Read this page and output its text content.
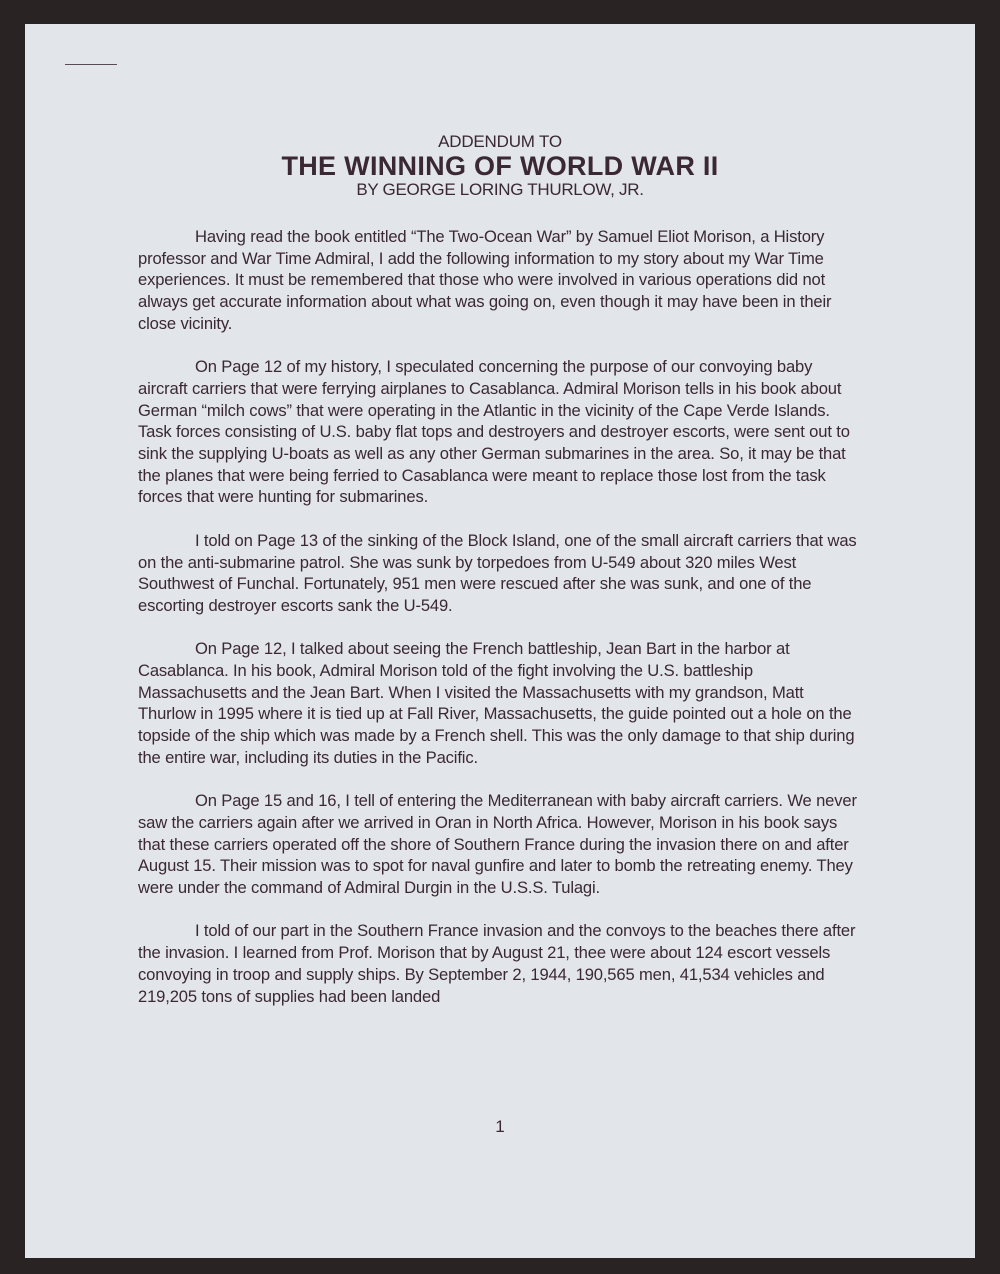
ADDENDUM TO
THE WINNING OF WORLD WAR II
BY GEORGE LORING THURLOW, JR.

Having read the book entitled “The Two-Ocean War” by Samuel Eliot Morison, a History professor and War Time Admiral, I add the following information to my story about my War Time experiences. It must be remembered that those who were involved in various operations did not always get accurate information about what was going on, even though it may have been in their close vicinity.

On Page 12 of my history, I speculated concerning the purpose of our convoying baby aircraft carriers that were ferrying airplanes to Casablanca. Admiral Morison tells in his book about German “milch cows” that were operating in the Atlantic in the vicinity of the Cape Verde Islands. Task forces consisting of U.S. baby flat tops and destroyers and destroyer escorts, were sent out to sink the supplying U-boats as well as any other German submarines in the area. So, it may be that the planes that were being ferried to Casablanca were meant to replace those lost from the task forces that were hunting for submarines.

I told on Page 13 of the sinking of the Block Island, one of the small aircraft carriers that was on the anti-submarine patrol. She was sunk by torpedoes from U-549 about 320 miles West Southwest of Funchal. Fortunately, 951 men were rescued after she was sunk, and one of the escorting destroyer escorts sank the U-549.

On Page 12, I talked about seeing the French battleship, Jean Bart in the harbor at Casablanca. In his book, Admiral Morison told of the fight involving the U.S. battleship Massachusetts and the Jean Bart. When I visited the Massachusetts with my grandson, Matt Thurlow in 1995 where it is tied up at Fall River, Massachusetts, the guide pointed out a hole on the topside of the ship which was made by a French shell. This was the only damage to that ship during the entire war, including its duties in the Pacific.

On Page 15 and 16, I tell of entering the Mediterranean with baby aircraft carriers. We never saw the carriers again after we arrived in Oran in North Africa. However, Morison in his book says that these carriers operated off the shore of Southern France during the invasion there on and after August 15. Their mission was to spot for naval gunfire and later to bomb the retreating enemy. They were under the command of Admiral Durgin in the U.S.S. Tulagi.

I told of our part in the Southern France invasion and the convoys to the beaches there after the invasion. I learned from Prof. Morison that by August 21, thee were about 124 escort vessels convoying in troop and supply ships. By September 2, 1944, 190,565 men, 41,534 vehicles and 219,205 tons of supplies had been landed

1
